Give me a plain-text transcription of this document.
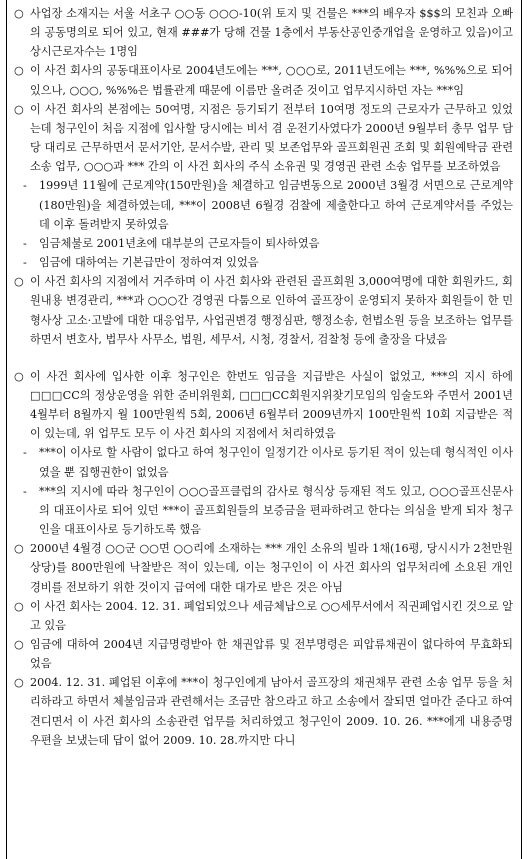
○ 사업장 소재지는 서울 서초구 ○○동 ○○○-10(위 토지 및 건물은 ***의 배우자 $$$의 모친과 오빠의 공동명의로 되어 있고, 현재 ###가 당해 건물 1층에서 부동산공인중개업을 운영하고 있음)이고 상시근로자수는 1명임
○ 이 사건 회사의 공동대표이사로 2004년도에는 ***, ○○○로, 2011년도에는 ***, %%%으로 되어 있으나, ○○○, %%%은 법률관계 때문에 이름만 올려준 것이고 업무지시하던 자는 ***임
○ 이 사건 회사의 본점에는 50여명, 지점은 등기되기 전부터 10여명 정도의 근로자가 근무하고 있었는데 청구인이 처음 지점에 입사할 당시에는 비서 겸 운전기사였다가 2000년 9월부터 총무 업무 담당 대리로 근무하면서 문서기안, 문서수발, 관리 및 보존업무와 골프회원권 조회 및 회원예탁금 관련 소송 업무, ○○○과 *** 간의 이 사건 회사의 주식 소유권 및 경영권 관련 소송 업무를 보조하였음
-	1999년 11월에 근로계약(150만원)을 체결하고 임금변동으로 2000년 3월경 서면으로 근로계약(180만원)을 체결하였는데, ***이 2008년 6월경 검찰에 제출한다고 하여 근로계약서를 주었는데 이후 돌려받지 못하였음
-	임금체불로 2001년초에 대부분의 근로자들이 퇴사하였음
-	임금에 대하여는 기본급만이 정하여져 있었음
○ 이 사건 회사의 지점에서 거주하며 이 사건 회사와 관련된 골프회원 3,000여명에 대한 회원카드, 회원내용 변경관리, ***과 ○○○간 경영권 다툼으로 인하여 골프장이 운영되지 못하자 회원들이 한 민형사상 고소·고발에 대한 대응업무, 사업권변경 행정심판, 행정소송, 헌법소원 등을 보조하는 업무를 하면서 변호사, 법무사 사무소, 법원, 세무서, 시청, 경찰서, 검찰청 등에 출장을 다녔음
○ 이 사건 회사에 입사한 이후 청구인은 한번도 임금을 지급받은 사실이 없었고, ***의 지시 하에 □□□CC의 정상운영을 위한 준비위원회, □□□CC회원지위찾기모임의 임술도와 주면서 2001년 4월부터 8월까지 월 100만원씩 5회, 2006년 6월부터 2009년까지 100만원씩 10회 지급받은 적이 있는데, 위 업무도 모두 이 사건 회사의 지점에서 처리하였음
-	***이 이사로 할 사람이 없다고 하여 청구인이 일정기간 이사로 등기된 적이 있는데 형식적인 이사였을 뿐 집행권한이 없었음
-	***의 지시에 따라 청구인이 ○○○골프클럽의 감사로 형식상 등재된 적도 있고, ○○○골프신문사의 대표이사로 되어 있던 ***이 골프회원들의 보증금을 편파하려고 한다는 의심을 받게 되자 청구인을 대표이사로 등기하도록 했음
○ 2000년 4월경 ○○군 ○○면 ○○리에 소재하는 *** 개인 소유의 빌라 1채(16평, 당시시가 2천만원 상당)를 800만원에 낙찰받은 적이 있는데, 이는 청구인이 이 사건 회사의 업무처리에 소요된 개인 경비를 전보하기 위한 것이지 급여에 대한 대가로 받은 것은 아님
○ 이 사건 회사는 2004. 12. 31. 폐업되었으나 세금체납으로 ○○세무서에서 직권폐업시킨 것으로 알고 있음
○ 임금에 대하여 2004년 지급명령받아 한 채권압류 및 전부명령은 피압류채권이 없다하여 무효화되었음
○ 2004. 12. 31. 폐업된 이후에 ***이 청구인에게 남아서 골프장의 채권채무 관련 소송 업무 등을 처리하라고 하면서 체불임금과 관련해서는 조금만 참으라고 하고 소송에서 잘되면 얼마간 준다고 하여 견디면서 이 사건 회사의 소송관련 업무를 처리하였고 청구인이 2009. 10. 26. ***에게 내용증명우편을 보냈는데 답이 없어 2009. 10. 28.까지만 다니
